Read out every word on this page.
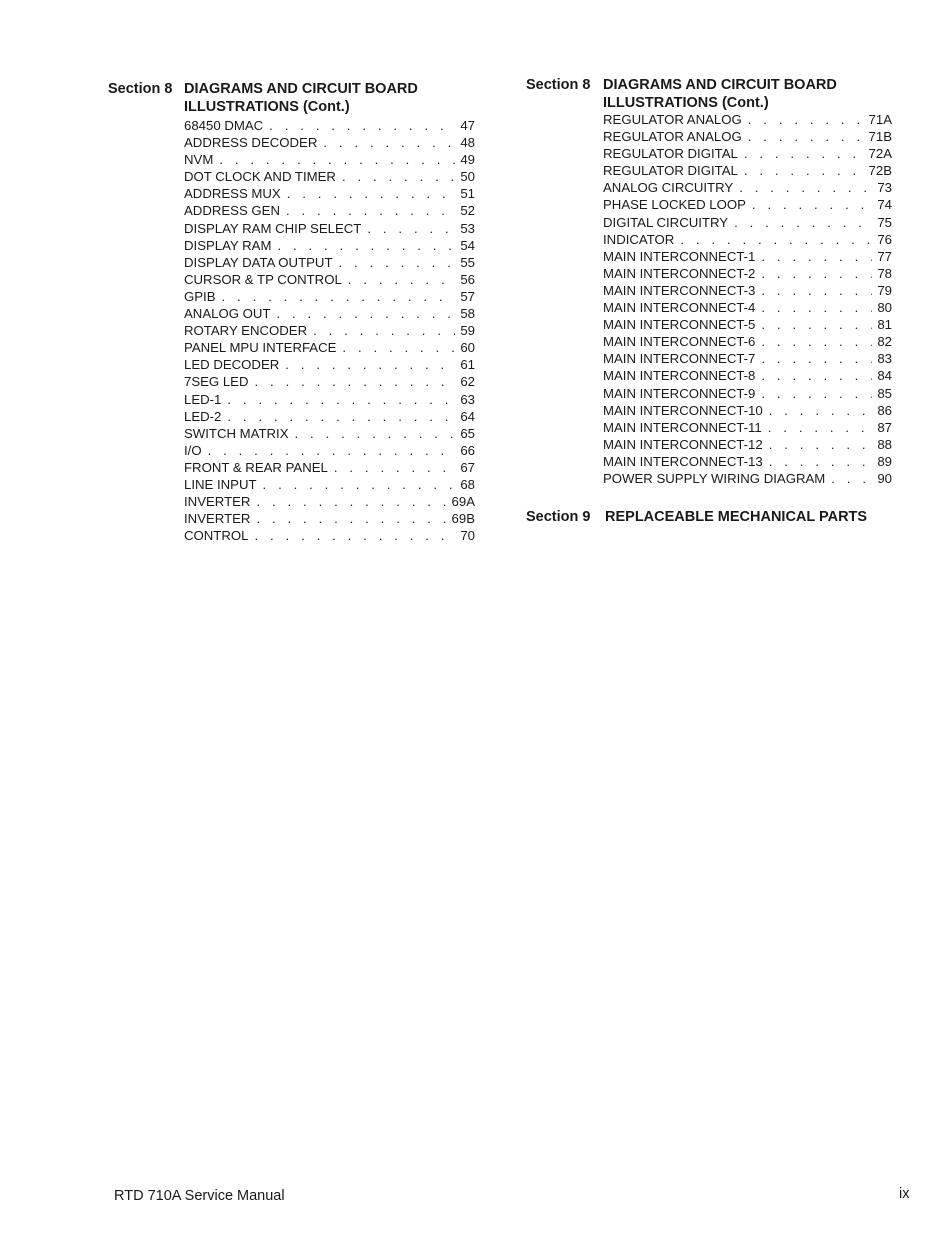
Section 8 DIAGRAMS AND CIRCUIT BOARD
ILLUSTRATIONS (Cont.)
68450 DMAC . . .	47
ADDRESS DECODER . . .	48
NVM . . .	49
DOT CLOCK AND TIMER . . .	50
ADDRESS MUX . . .	51
ADDRESS GEN . . .	52
DISPLAY RAM CHIP SELECT . . .	53
DISPLAY RAM . . .	54
DISPLAY DATA OUTPUT . . .	55
CURSOR & TP CONTROL . . .	56
GPIB . . .	57
ANALOG OUT . . .	58
ROTARY ENCODER . . .	59
PANEL MPU INTERFACE . . .	60
LED DECODER . . .	61
7SEG LED . . .	62
LED-1 . . .	63
LED-2 . . .	64
SWITCH MATRIX . . .	65
I/O . . .	66
FRONT & REAR PANEL . . .	67
LINE INPUT . . .	68
INVERTER . . .	69A
INVERTER . . .	69B
CONTROL . . .	70
Section 8 DIAGRAMS AND CIRCUIT BOARD
ILLUSTRATIONS (Cont.)
REGULATOR ANALOG . . .	71A
REGULATOR ANALOG . . .	71B
REGULATOR DIGITAL . . .	72A
REGULATOR DIGITAL . . .	72B
ANALOG CIRCUITRY . . .	73
PHASE LOCKED LOOP . . .	74
DIGITAL CIRCUITRY . . .	75
INDICATOR . . .	76
MAIN INTERCONNECT-1 . . .	77
MAIN INTERCONNECT-2 . . .	78
MAIN INTERCONNECT-3 . . .	79
MAIN INTERCONNECT-4 . . .	80
MAIN INTERCONNECT-5 . . .	81
MAIN INTERCONNECT-6 . . .	82
MAIN INTERCONNECT-7 . . .	83
MAIN INTERCONNECT-8 . . .	84
MAIN INTERCONNECT-9 . . .	85
MAIN INTERCONNECT-10 . . .	86
MAIN INTERCONNECT-11 . . .	87
MAIN INTERCONNECT-12 . . .	88
MAIN INTERCONNECT-13 . . .	89
POWER SUPPLY WIRING DIAGRAM . . .	90
Section 9 REPLACEABLE MECHANICAL PARTS
RTD 710A Service Manual	ix
